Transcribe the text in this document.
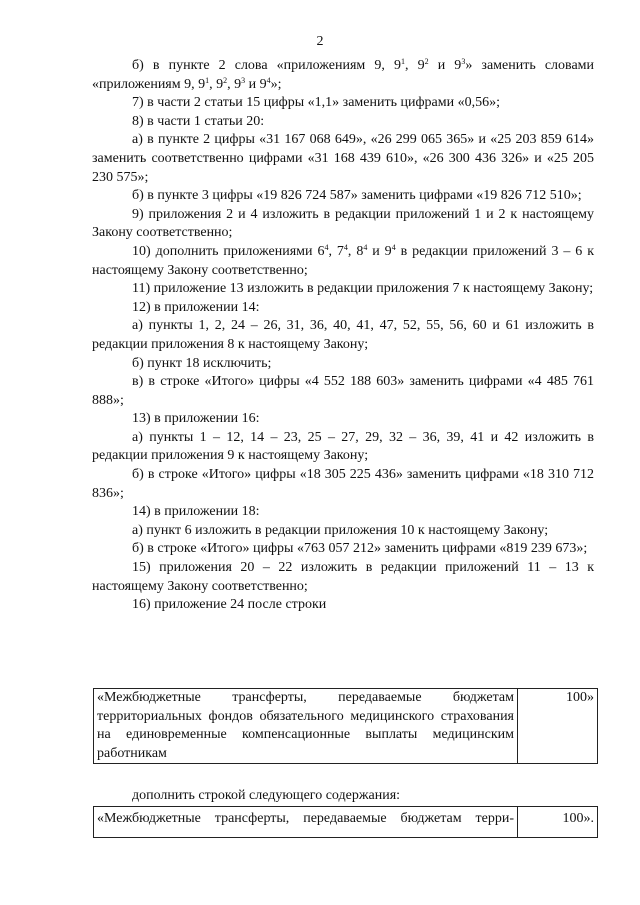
2

б) в пункте 2 слова «приложениям 9, $9^1$, $9^2$ и $9^3$» заменить словами «приложениям 9, $9^1$, $9^2$, $9^3$ и $9^4$»;

7) в части 2 статьи 15 цифры «1,1» заменить цифрами «0,56»;

8) в части 1 статьи 20:

а) в пункте 2 цифры «31 167 068 649», «26 299 065 365» и «25 203 859 614» заменить соответственно цифрами «31 168 439 610», «26 300 436 326» и «25 205 230 575»;

б) в пункте 3 цифры «19 826 724 587» заменить цифрами «19 826 712 510»;

9) приложения 2 и 4 изложить в редакции приложений 1 и 2 к настоящему Закону соответственно;

10) дополнить приложениями $6^4$, $7^4$, $8^4$ и $9^4$ в редакции приложений 3 – 6 к настоящему Закону соответственно;

11) приложение 13 изложить в редакции приложения 7 к настоящему Закону;

12) в приложении 14:

а) пункты 1, 2, 24 – 26, 31, 36, 40, 41, 47, 52, 55, 56, 60 и 61 изложить в редакции приложения 8 к настоящему Закону;

б) пункт 18 исключить;

в) в строке «Итого» цифры «4 552 188 603» заменить цифрами «4 485 761 888»;

13) в приложении 16:

а) пункты 1 – 12, 14 – 23, 25 – 27, 29, 32 – 36, 39, 41 и 42 изложить в редакции приложения 9 к настоящему Закону;

б) в строке «Итого» цифры «18 305 225 436» заменить цифрами «18 310 712 836»;

14) в приложении 18:

а) пункт 6 изложить в редакции приложения 10 к настоящему Закону;

б) в строке «Итого» цифры «763 057 212» заменить цифрами «819 239 673»;

15) приложения 20 – 22 изложить в редакции приложений 11 – 13 к настоящему Закону соответственно;

16) приложение 24 после строки

«Межбюджетные трансферты, передаваемые бюджетам территориальных фондов обязательного медицинского страхования на единовременные компенсационные выплаты медицинским работникам	100»
дополнить строкой следующего содержания:
«Межбюджетные трансферты, передаваемые бюджетам терри-	100».
